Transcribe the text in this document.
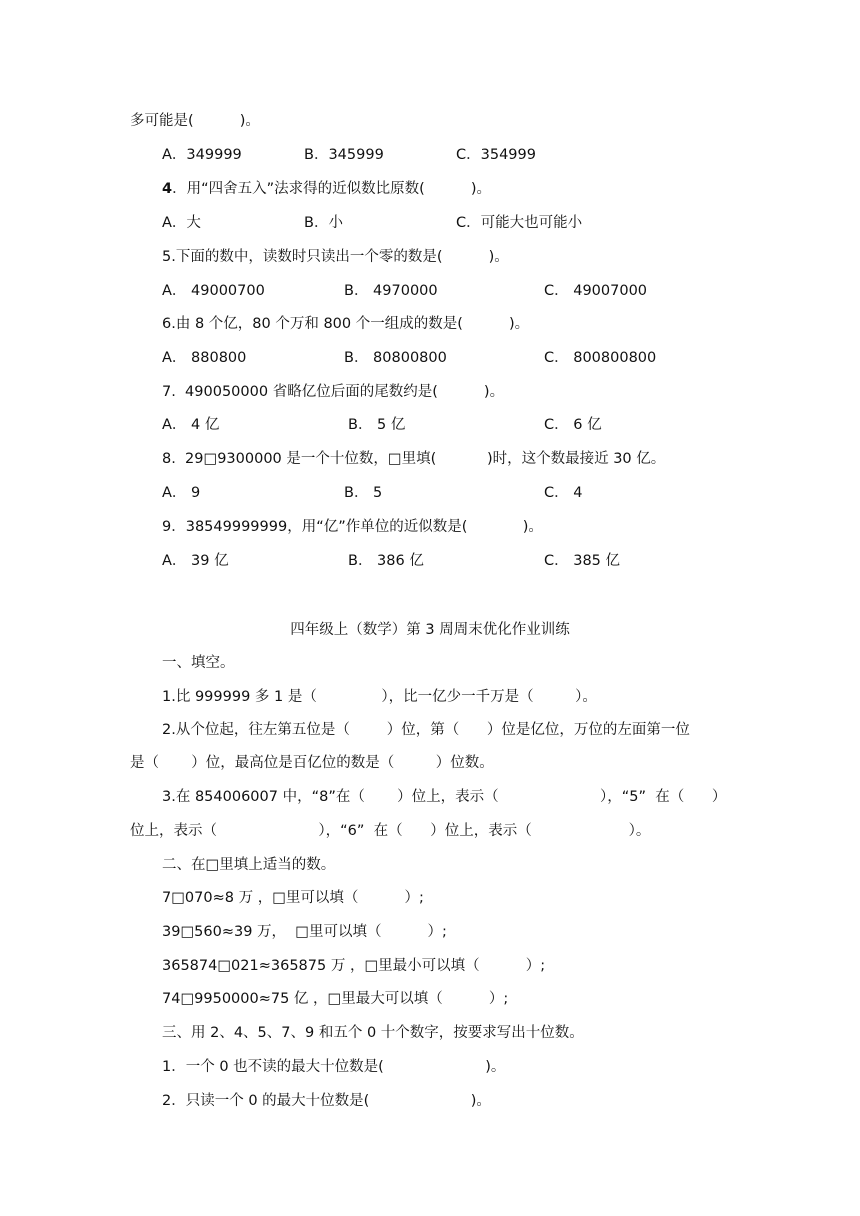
多可能是(          )。
A．349999	B．345999	C．354999
4．用“四舍五入”法求得的近似数比原数(          )。
A．大	B．小	C．可能大也可能小
5.下面的数中，读数时只读出一个零的数是(          )。
A． 49000700	B． 4970000	C． 49007000
6.由 8 个亿，80 个万和 800 个一组成的数是(          )。
A． 880800	B． 80800800	C． 800800800
7.  490050000 省略亿位后面的尾数约是(          )。
A． 4 亿	B． 5 亿	C． 6 亿
8.  29□9300000 是一个十位数，□里填(           )时，这个数最接近 30 亿。
A． 9	B． 5	C． 4
9．38549999999，用“亿”作单位的近似数是(            )。
A． 39 亿	B． 386 亿	C． 385 亿
四年级上（数学）第 3 周周末优化作业训练
一、填空。
1.比 999999 多 1 是（              ），比一亿少一千万是（         ）。
2.从个位起，往左第五位是（        ）位，第（      ）位是亿位，万位的左面第一位
是（       ）位，最高位是百亿位的数是（         ）位数。
3.在 854006007 中，“8”在（       ）位上，表示（                      ），“5”  在（      ）
位上，表示（                      ），“6”  在（      ）位上，表示（                     ）。
二、在□里填上适当的数。
7□070≈8 万 ，□里可以填（          ）;
39□560≈39 万，  □里可以填（          ）;
365874□021≈365875 万 ，□里最小可以填（          ）;
74□9950000≈75 亿 ，□里最大可以填（          ）;
三、用 2、4、5、7、9 和五个 0 十个数字，按要求写出十位数。
1．一个 0 也不读的最大十位数是(                      )。
2．只读一个 0 的最大十位数是(                      )。
